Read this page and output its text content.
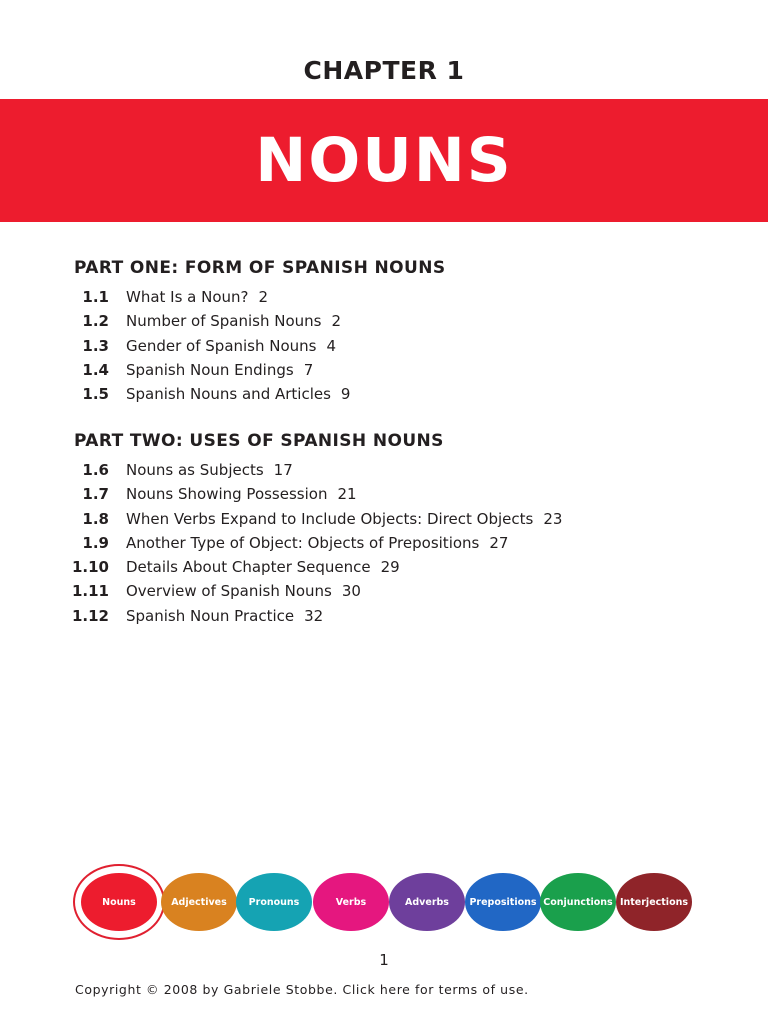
CHAPTER 1
NOUNS
PART ONE: FORM OF SPANISH NOUNS
1.1 What Is a Noun? 2
1.2 Number of Spanish Nouns 2
1.3 Gender of Spanish Nouns 4
1.4 Spanish Noun Endings 7
1.5 Spanish Nouns and Articles 9
PART TWO: USES OF SPANISH NOUNS
1.6 Nouns as Subjects 17
1.7 Nouns Showing Possession 21
1.8 When Verbs Expand to Include Objects: Direct Objects 23
1.9 Another Type of Object: Objects of Prepositions 27
1.10 Details About Chapter Sequence 29
1.11 Overview of Spanish Nouns 30
1.12 Spanish Noun Practice 32
Nouns	Adjectives	Pronouns	Verbs	Adverbs	Prepositions Conjunctions Interjections
1
Copyright © 2008 by Gabriele Stobbe. Click here for terms of use.
